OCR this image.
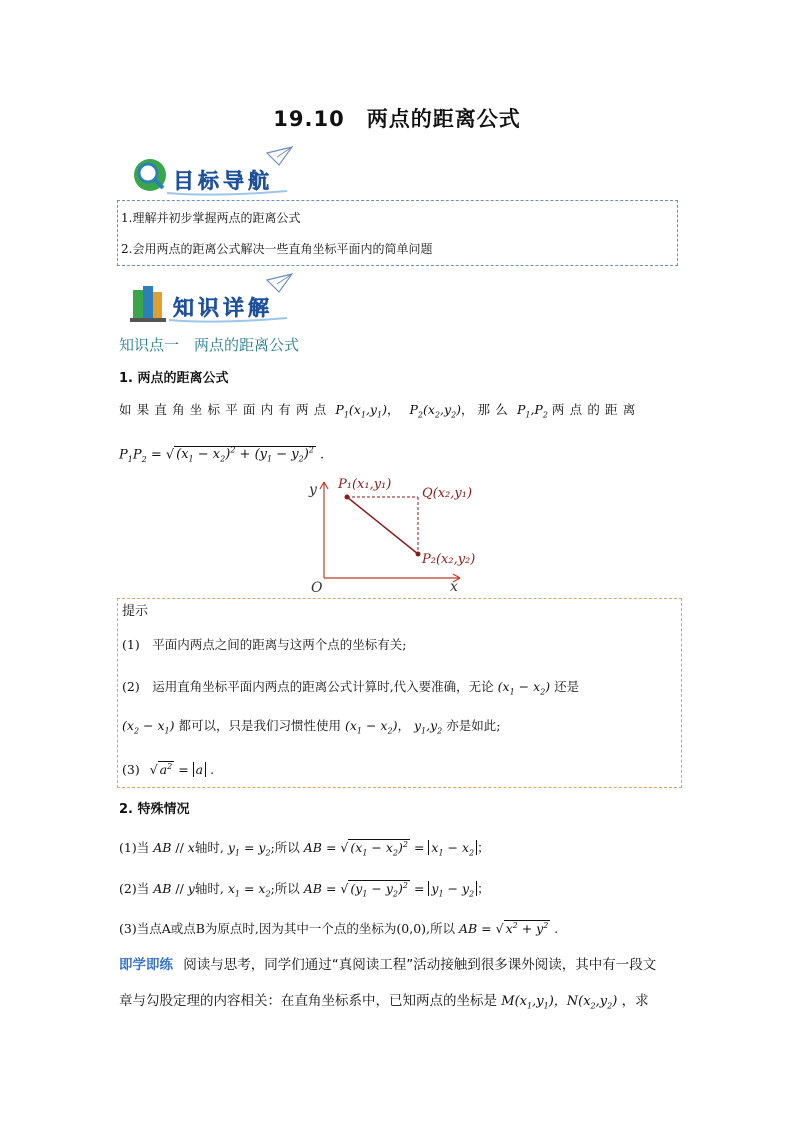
19.10　两点的距离公式
目标导航
1.理解并初步掌握两点的距离公式
2.会用两点的距离公式解决一些直角坐标平面内的简单问题
知识详解
知识点一　两点的距离公式
1. 两点的距离公式
如果直角坐标平面内有两点 $P_1(x_1,y_1)$， $P_2(x_2,y_2)$， 那么 $P_1,P_2$ 两点的距离
$P_1P_2$ = √ $(x_1 - x_2)^2 + (y_1 - y_2)^2$ .
y
x
O
P₁(x₁,y₁)
Q(x₂,y₁)
P₂(x₂,y₂)
提示
(1)　平面内两点之间的距离与这两个点的坐标有关;
(2)　运用直角坐标平面内两点的距离公式计算时,代入要准确，无论 $(x_1 - x_2)$ 还是
$(x_2 - x_1)$ 都可以，只是我们习惯性使用 $(x_1 - x_2)$， $y_1,y_2$ 亦是如此;
(3) √ $a^2 = a$ .
2. 特殊情况
(1)当 AB // x轴时, $y_1 = y_2$;所以 AB = √ $(x_1 - x_2)^2 = x_1 - x_2$ ；
(2)当 AB // y轴时, $x_1 = x_2$;所以 AB = √ $(y_1 - y_2)^2 = y_1 - y_2$ ；
(3)当点A或点B为原点时,因为其中一个点的坐标为(0,0),所以 AB = √ $x^2 + y^2$ .
即学即练 阅读与思考，同学们通过“真阅读工程”活动接触到很多课外阅读，其中有一段文
章与勾股定理的内容相关：在直角坐标系中，已知两点的坐标是 $M(x_1,y_1)$，$N(x_2,y_2)$ ，求
